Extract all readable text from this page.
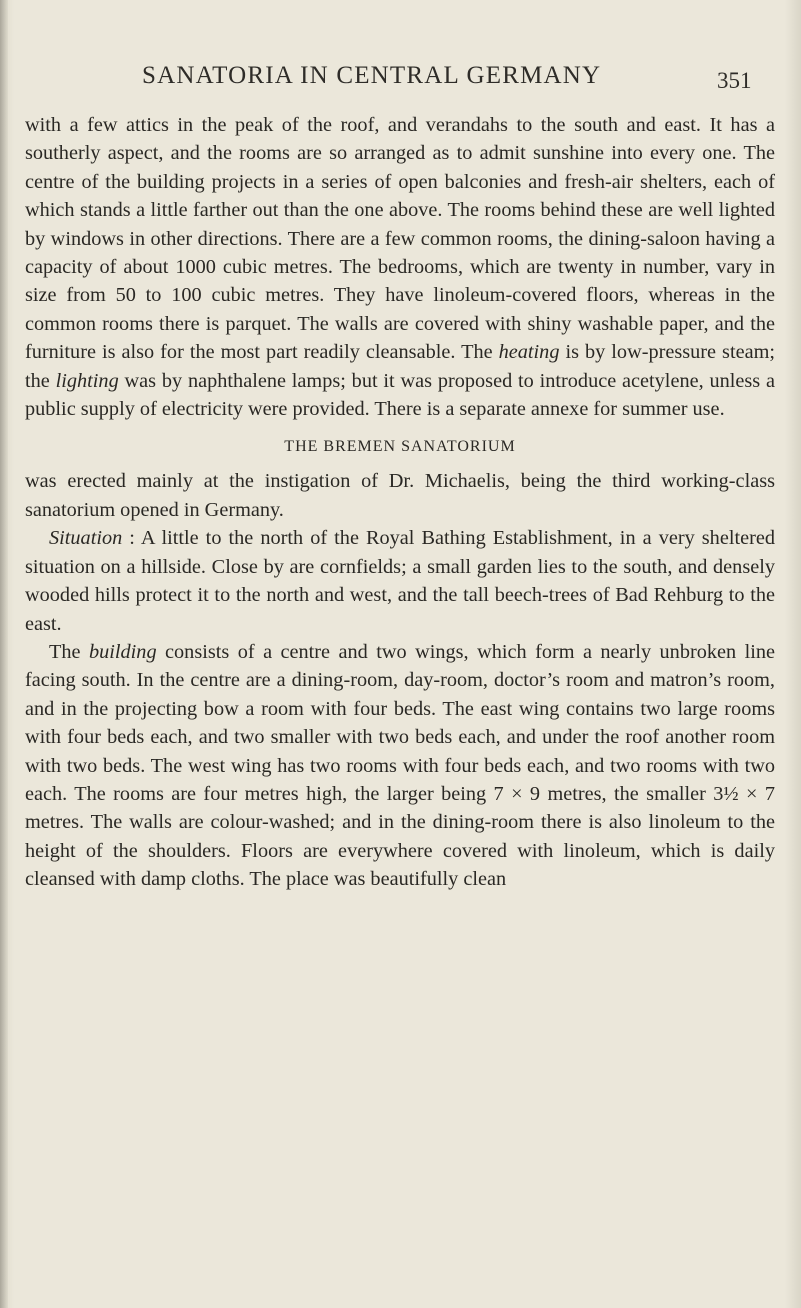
SANATORIA IN CENTRAL GERMANY	351

with a few attics in the peak of the roof, and verandahs to the south and east. It has a southerly aspect, and the rooms are so arranged as to admit sunshine into every one. The centre of the building projects in a series of open balconies and fresh-air shelters, each of which stands a little farther out than the one above. The rooms behind these are well lighted by windows in other directions. There are a few common rooms, the dining-saloon having a capacity of about 1000 cubic metres. The bedrooms, which are twenty in number, vary in size from 50 to 100 cubic metres. They have linoleum-covered floors, whereas in the common rooms there is parquet. The walls are covered with shiny washable paper, and the furniture is also for the most part readily cleansable. The heating is by low-pressure steam; the lighting was by naphthalene lamps; but it was proposed to introduce acetylene, unless a public supply of electricity were provided. There is a separate annexe for summer use.

THE BREMEN SANATORIUM

was erected mainly at the instigation of Dr. Michaelis, being the third working-class sanatorium opened in Germany.

Situation : A little to the north of the Royal Bathing Establishment, in a very sheltered situation on a hillside. Close by are cornfields; a small garden lies to the south, and densely wooded hills protect it to the north and west, and the tall beech-trees of Bad Rehburg to the east.

The building consists of a centre and two wings, which form a nearly unbroken line facing south. In the centre are a dining-room, day-room, doctor’s room and matron’s room, and in the projecting bow a room with four beds. The east wing contains two large rooms with four beds each, and two smaller with two beds each, and under the roof another room with two beds. The west wing has two rooms with four beds each, and two rooms with two each. The rooms are four metres high, the larger being 7 × 9 metres, the smaller 3½ × 7 metres. The walls are colour-washed; and in the dining-room there is also linoleum to the height of the shoulders. Floors are everywhere covered with linoleum, which is daily cleansed with damp cloths. The place was beautifully clean
